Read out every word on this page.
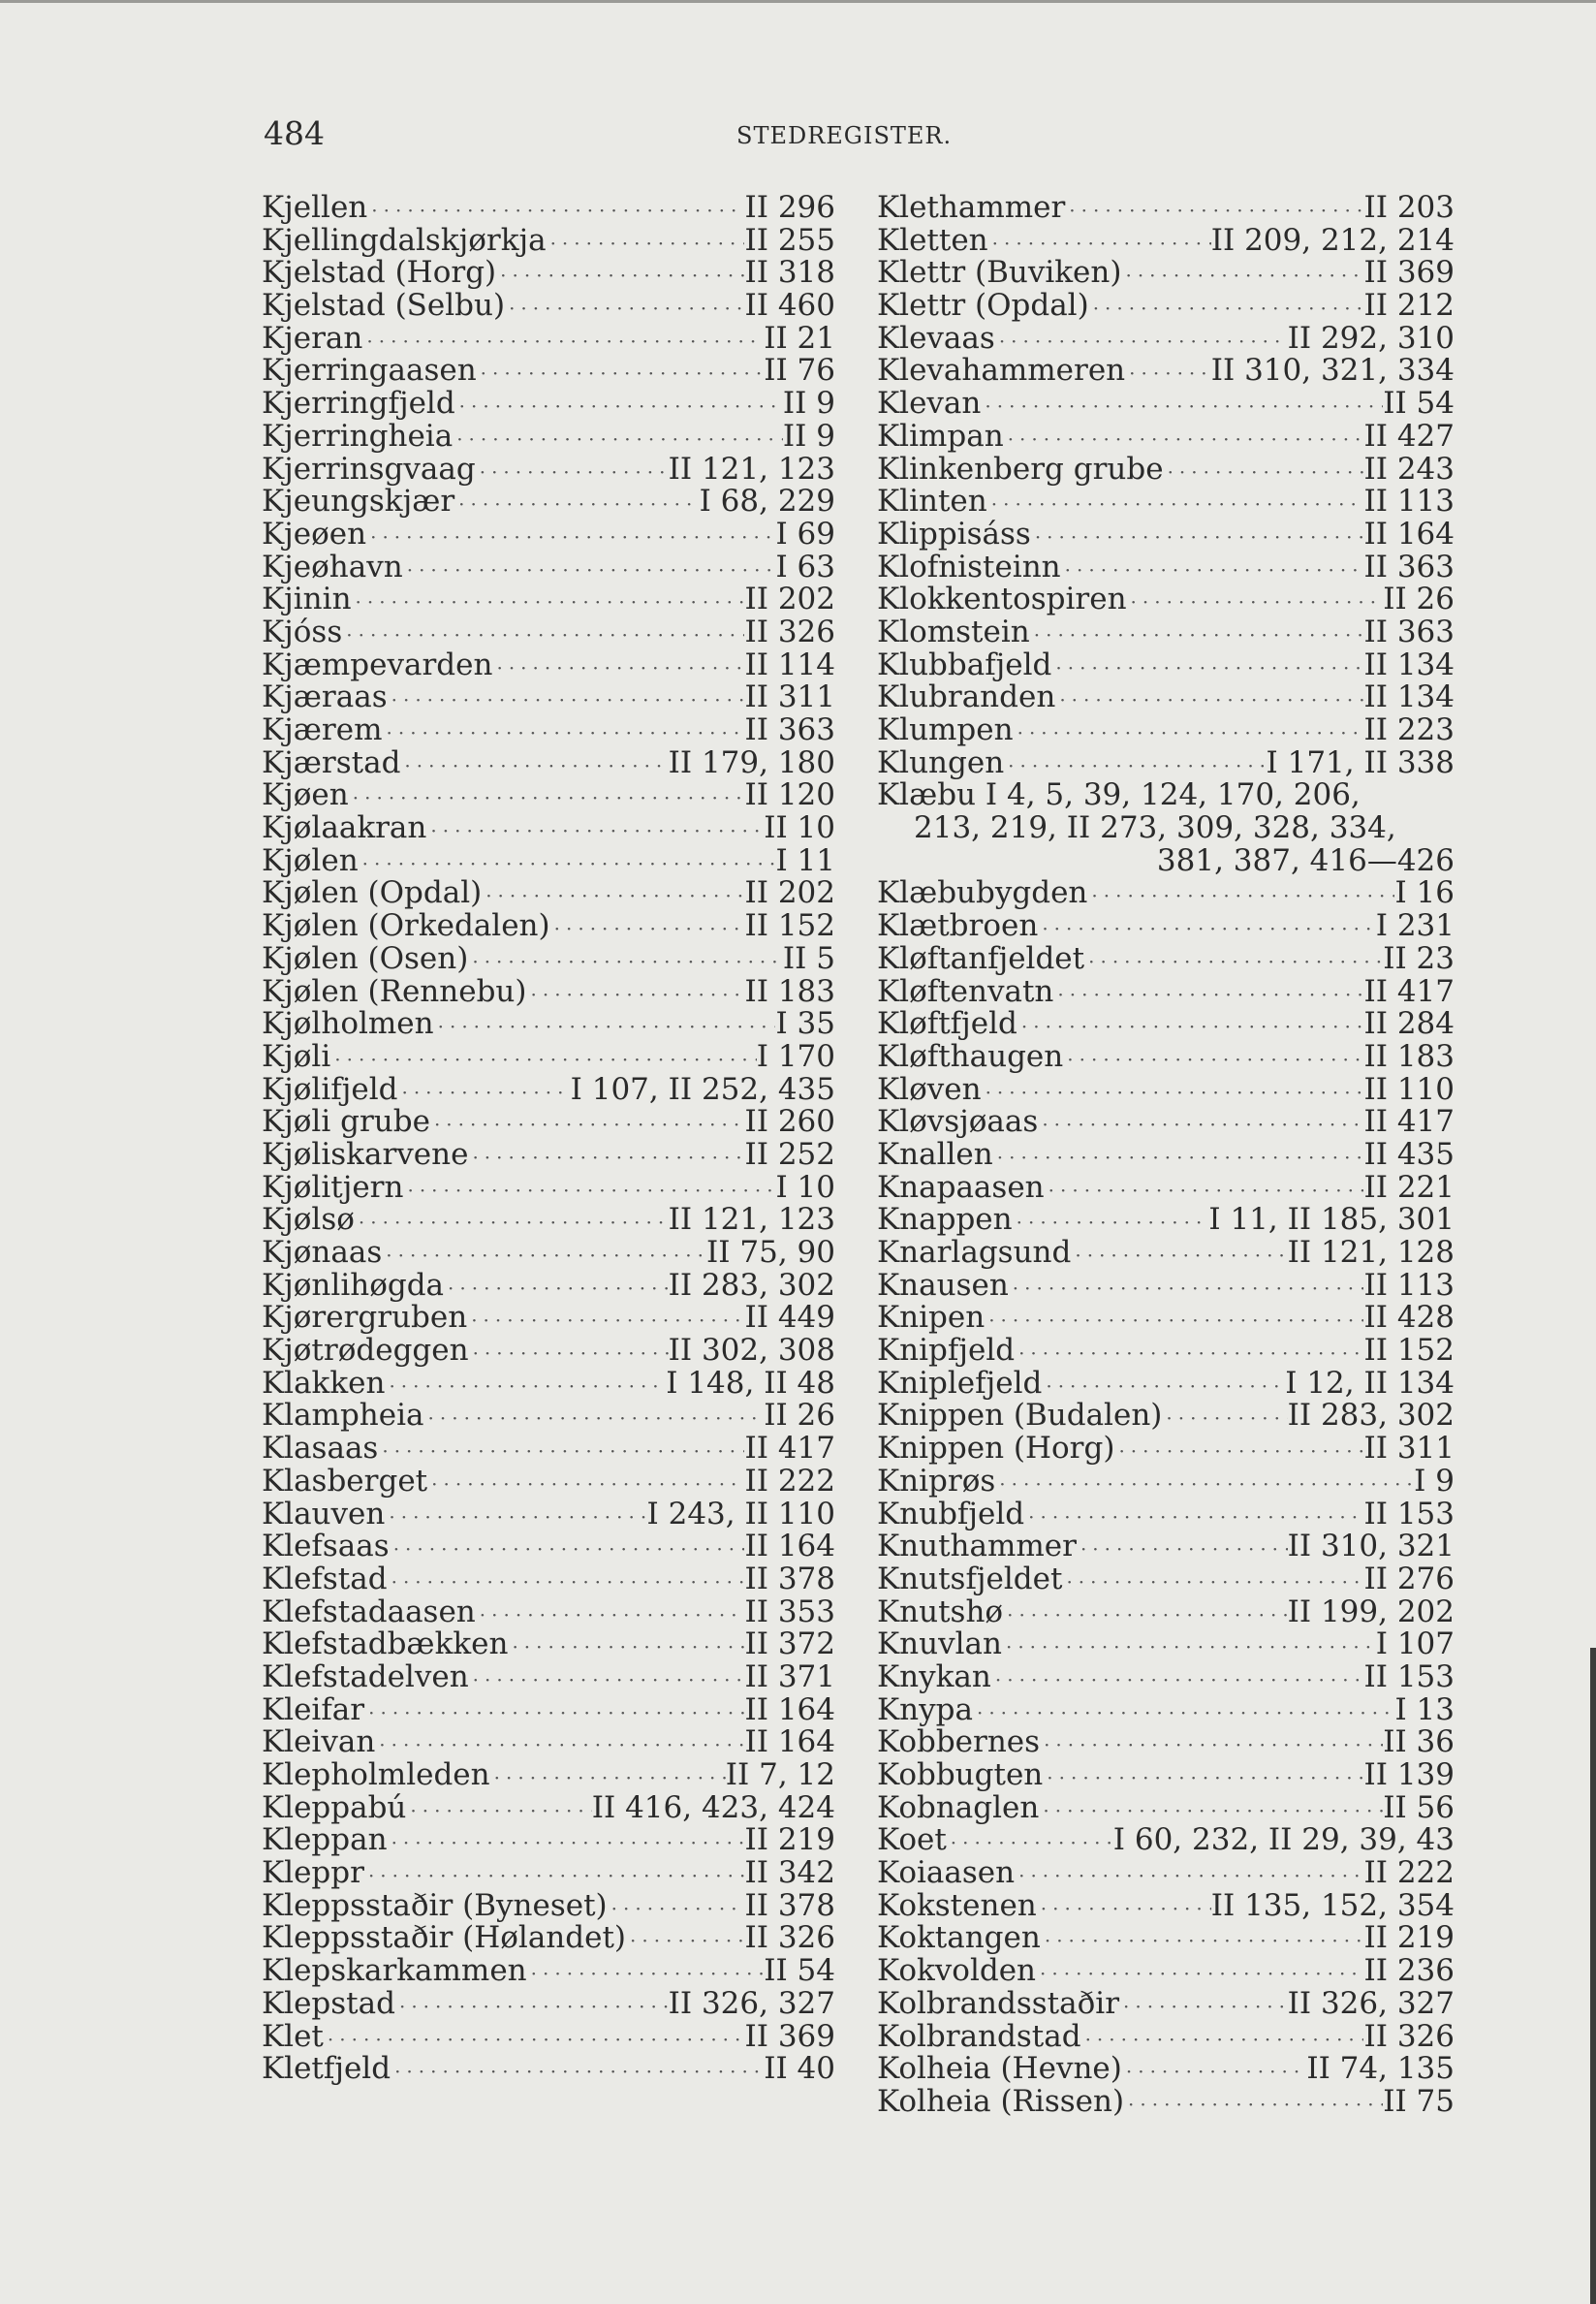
484	STEDREGISTER.
Kjellen ·····	II 296
Kjellingdalskjørkja ·····	II 255
Kjelstad (Horg) ·····	II 318
Kjelstad (Selbu) ·····	II 460
Kjeran ·····	II 21
Kjerringaasen ·····	II 76
Kjerringfjeld ·····	II 9
Kjerringheia ·····	II 9
Kjerrinsgvaag ·····	II 121, 123
Kjeungskjær ·····	I 68, 229
Kjeøen ·····	I 69
Kjeøhavn ·····	I 63
Kjinin ·····	II 202
Kjóss ·····	II 326
Kjæmpevarden ·····	II 114
Kjæraas ·····	II 311
Kjærem ·····	II 363
Kjærstad ·····	II 179, 180
Kjøen ·····	II 120
Kjølaakran ·····	II 10
Kjølen ·····	I 11
Kjølen (Opdal) ·····	II 202
Kjølen (Orkedalen) ·····	II 152
Kjølen (Osen) ·····	II 5
Kjølen (Rennebu) ·····	II 183
Kjølholmen ·····	I 35
Kjøli ·····	I 170
Kjølifjeld ·····	I 107, II 252, 435
Kjøli grube ·····	II 260
Kjøliskarvene ·····	II 252
Kjølitjern ·····	I 10
Kjølsø ·····	II 121, 123
Kjønaas ·····	II 75, 90
Kjønlihøgda ·····	II 283, 302
Kjørergruben ·····	II 449
Kjøtrødeggen ·····	II 302, 308
Klakken ·····	I 148, II 48
Klampheia ·····	II 26
Klasaas ·····	II 417
Klasberget ·····	II 222
Klauven ·····	I 243, II 110
Klefsaas ·····	II 164
Klefstad ·····	II 378
Klefstadaasen ·····	II 353
Klefstadbækken ·····	II 372
Klefstadelven ·····	II 371
Kleifar ·····	II 164
Kleivan ·····	II 164
Klepholmleden ·····	II 7, 12
Kleppabú ·····	II 416, 423, 424
Kleppan ·····	II 219
Kleppr ·····	II 342
Kleppsstaðir (Byneset) ·····	II 378
Kleppsstaðir (Hølandet) ·····	II 326
Klepskarkammen ·····	II 54
Klepstad ·····	II 326, 327
Klet ·····	II 369
Kletfjeld ·····	II 40
Klethammer ·····	II 203
Kletten ·····	II 209, 212, 214
Klettr (Buviken) ·····	II 369
Klettr (Opdal) ·····	II 212
Klevaas ·····	II 292, 310
Klevahammeren ·····	II 310, 321, 334
Klevan ·····	II 54
Klimpan ·····	II 427
Klinkenberg grube ·····	II 243
Klinten ·····	II 113
Klippisáss ·····	II 164
Klofnisteinn ·····	II 363
Klokkentospiren ·····	II 26
Klomstein ·····	II 363
Klubbafjeld ·····	II 134
Klubranden ·····	II 134
Klumpen ·····	II 223
Klungen ·····	I 171, II 338
Klæbu I 4, 5, 39, 124, 170, 206,
213, 219, II 273, 309, 328, 334,
381, 387, 416—426
Klæbubygden ·····	I 16
Klætbroen ·····	I 231
Kløftanfjeldet ·····	II 23
Kløftenvatn ·····	II 417
Kløftfjeld ·····	II 284
Kløfthaugen ·····	II 183
Kløven ·····	II 110
Kløvsjøaas ·····	II 417
Knallen ·····	II 435
Knapaasen ·····	II 221
Knappen ·····	I 11, II 185, 301
Knarlagsund ·····	II 121, 128
Knausen ·····	II 113
Knipen ·····	II 428
Knipfjeld ·····	II 152
Kniplefjeld ·····	I 12, II 134
Knippen (Budalen) ·····	II 283, 302
Knippen (Horg) ·····	II 311
Kniprøs ·····	I 9
Knubfjeld ·····	II 153
Knuthammer ·····	II 310, 321
Knutsfjeldet ·····	II 276
Knutshø ·····	II 199, 202
Knuvlan ·····	I 107
Knykan ·····	II 153
Knypa ·····	I 13
Kobbernes ·····	II 36
Kobbugten ·····	II 139
Kobnaglen ·····	II 56
Koet ·····	I 60, 232, II 29, 39, 43
Koiaasen ·····	II 222
Kokstenen ·····	II 135, 152, 354
Koktangen ·····	II 219
Kokvolden ·····	II 236
Kolbrandsstaðir ·····	II 326, 327
Kolbrandstad ·····	II 326
Kolheia (Hevne) ·····	II 74, 135
Kolheia (Rissen) ·····	II 75
